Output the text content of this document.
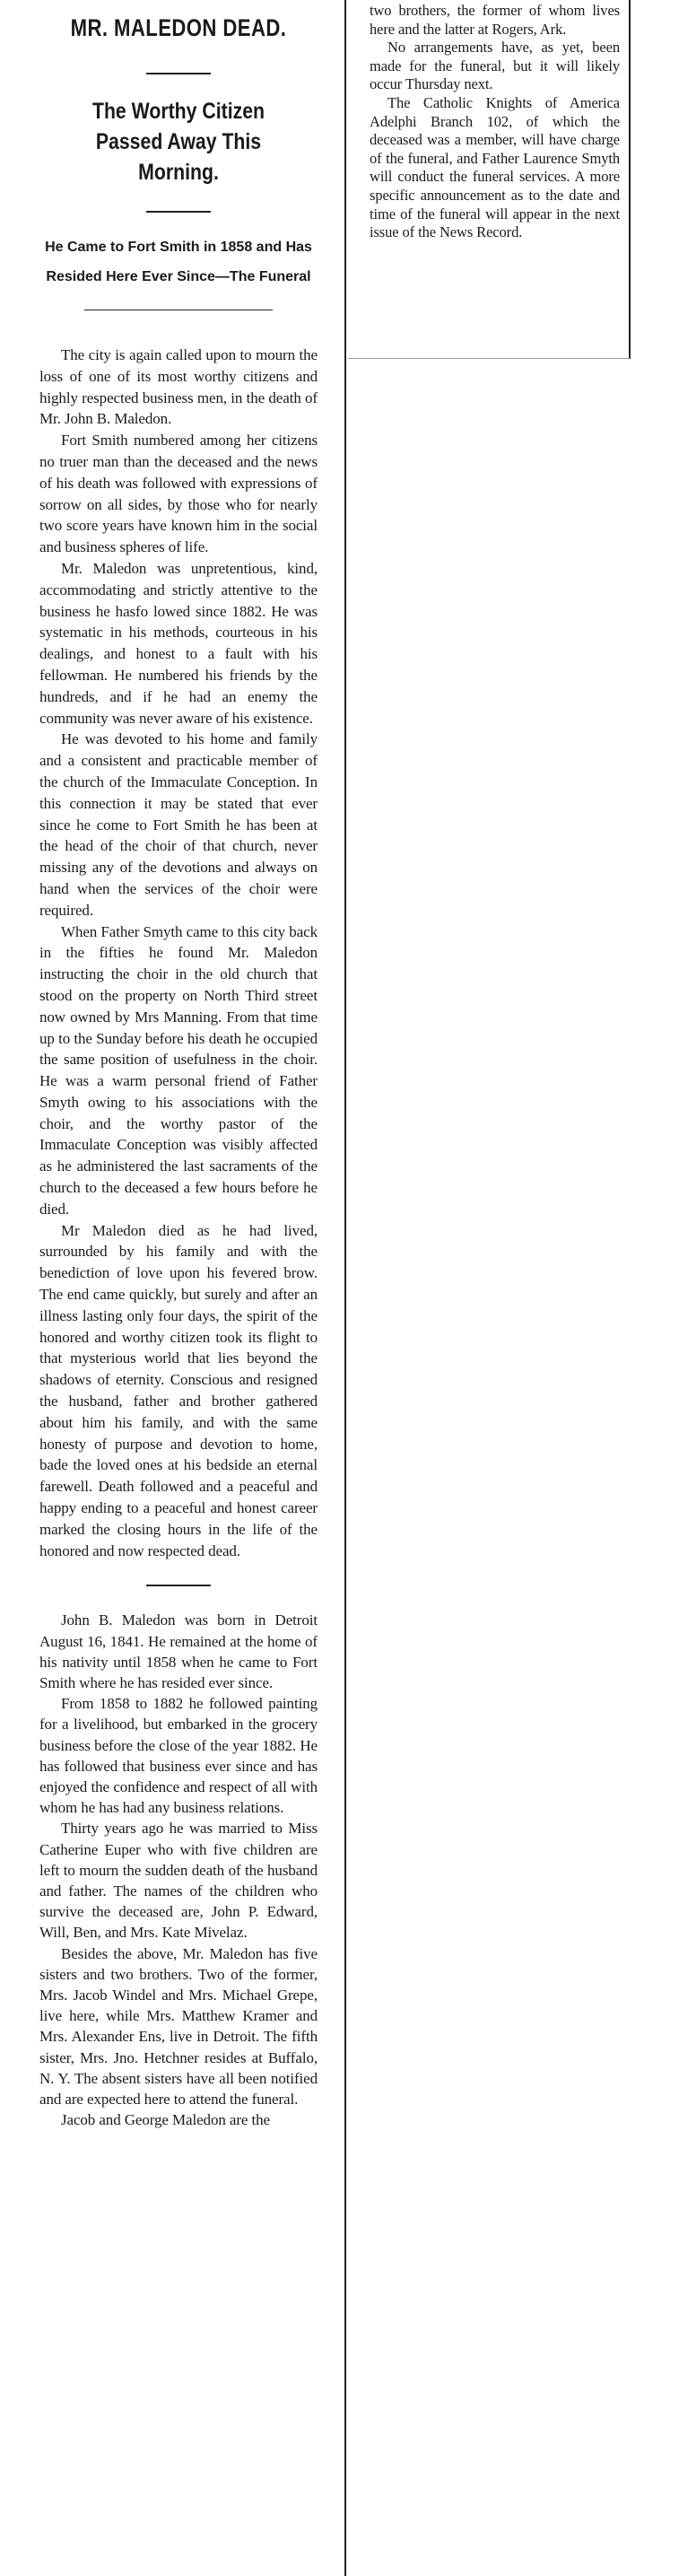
MR. MALEDON DEAD.
The Worthy Citizen Passed Away This Morning.
He Came to Fort Smith in 1858 and Has Resided Here Ever Since—The Funeral

The city is again called upon to mourn the loss of one of its most worthy citizens and highly respected business men, in the death of Mr. John B. Maledon.

Fort Smith numbered among her citizens no truer man than the deceased and the news of his death was followed with expressions of sorrow on all sides, by those who for nearly two score years have known him in the social and business spheres of life.

Mr. Maledon was unpretentious, kind, accommodating and strictly attentive to the business he hasfo lowed since 1882. He was systematic in his methods, courteous in his dealings, and honest to a fault with his fellowman. He numbered his friends by the hundreds, and if he had an enemy the community was never aware of his existence.

He was devoted to his home and family and a consistent and practicable member of the church of the Immaculate Conception. In this connection it may be stated that ever since he come to Fort Smith he has been at the head of the choir of that church, never missing any of the devotions and always on hand when the services of the choir were required.

When Father Smyth came to this city back in the fifties he found Mr. Maledon instructing the choir in the old church that stood on the property on North Third street now owned by Mrs Manning. From that time up to the Sunday before his death he occupied the same position of usefulness in the choir. He was a warm personal friend of Father Smyth owing to his associations with the choir, and the worthy pastor of the Immaculate Conception was visibly affected as he administered the last sacraments of the church to the deceased a few hours before he died.

Mr Maledon died as he had lived, surrounded by his family and with the benediction of love upon his fevered brow. The end came quickly, but surely and after an illness lasting only four days, the spirit of the honored and worthy citizen took its flight to that mysterious world that lies beyond the shadows of eternity. Conscious and resigned the husband, father and brother gathered about him his family, and with the same honesty of purpose and devotion to home, bade the loved ones at his bedside an eternal farewell. Death followed and a peaceful and happy ending to a peaceful and honest career marked the closing hours in the life of the honored and now respected dead.

John B. Maledon was born in Detroit August 16, 1841. He remained at the home of his nativity until 1858 when he came to Fort Smith where he has resided ever since.

From 1858 to 1882 he followed painting for a livelihood, but embarked in the grocery business before the close of the year 1882. He has followed that business ever since and has enjoyed the confidence and respect of all with whom he has had any business relations.

Thirty years ago he was married to Miss Catherine Euper who with five children are left to mourn the sudden death of the husband and father. The names of the children who survive the deceased are, John P. Edward, Will, Ben, and Mrs. Kate Mivelaz.

Besides the above, Mr. Maledon has five sisters and two brothers. Two of the former, Mrs. Jacob Windel and Mrs. Michael Grepe, live here, while Mrs. Matthew Kramer and Mrs. Alexander Ens, live in Detroit. The fifth sister, Mrs. Jno. Hetchner resides at Buffalo, N. Y. The absent sisters have all been notified and are expected here to attend the funeral.

Jacob and George Maledon are the

two brothers, the former of whom lives here and the latter at Rogers, Ark.

No arrangements have, as yet, been made for the funeral, but it will likely occur Thursday next.

The Catholic Knights of America Adelphi Branch 102, of which the deceased was a member, will have charge of the funeral, and Father Laurence Smyth will conduct the funeral services. A more specific announcement as to the date and time of the funeral will appear in the next issue of the News Record.
